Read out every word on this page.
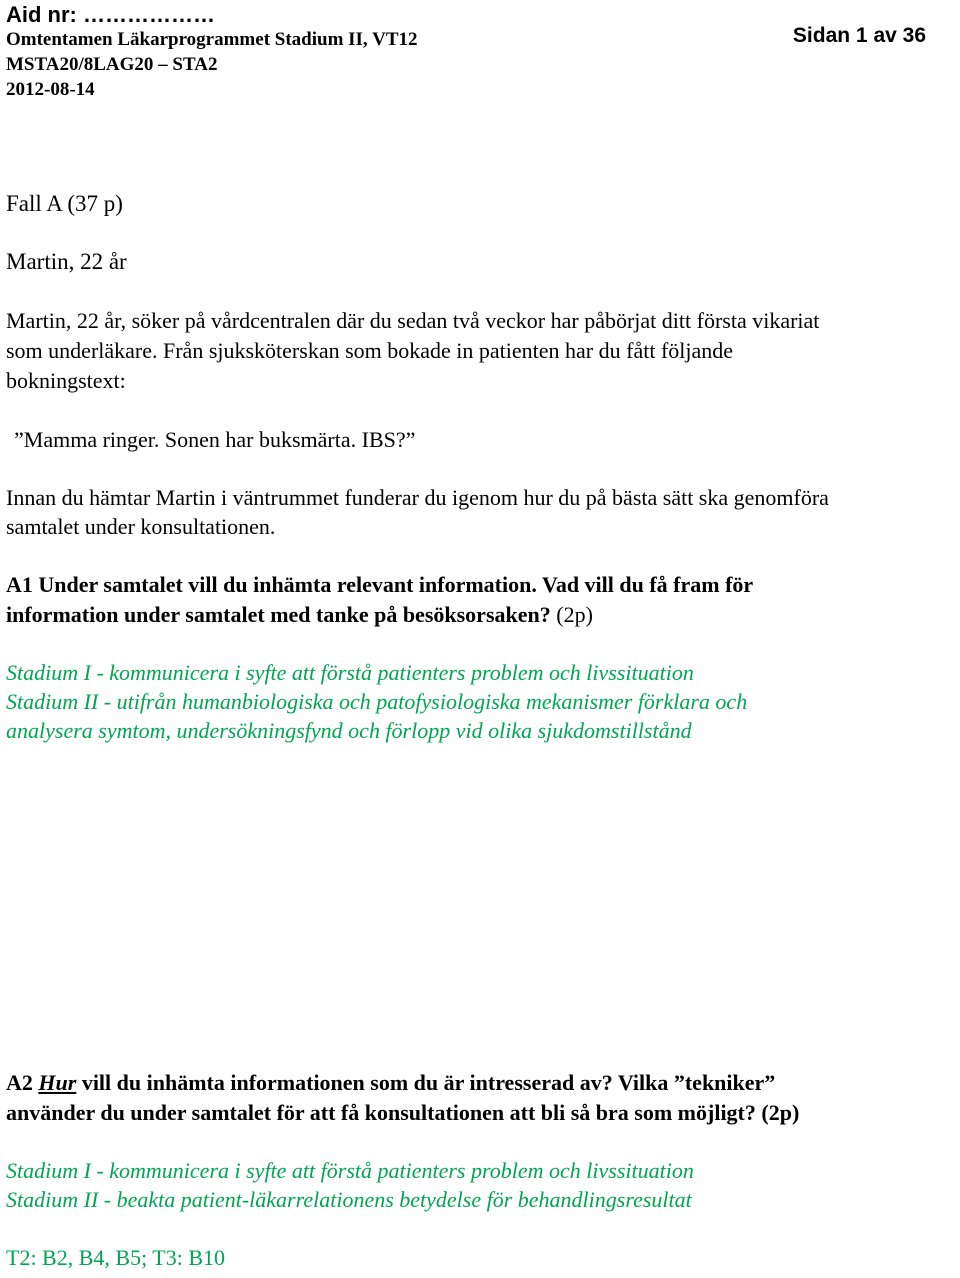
Aid nr: ………………

Sidan 1 av 36

Omtentamen Läkarprogrammet Stadium II, VT12

MSTA20/8LAG20 – STA2

2012-08-14

Fall A (37 p)

Martin, 22 år

Martin, 22 år, söker på vårdcentralen där du sedan två veckor har påbörjat ditt första vikariat

som underläkare. Från sjuksköterskan som bokade in patienten har du fått följande

bokningstext:

”Mamma ringer. Sonen har buksmärta. IBS?”

Innan du hämtar Martin i väntrummet funderar du igenom hur du på bästa sätt ska genomföra

samtalet under konsultationen.

A1 Under samtalet vill du inhämta relevant information. Vad vill du få fram för

information under samtalet med tanke på besöksorsaken? (2p)

Stadium I - kommunicera i syfte att förstå patienters problem och livssituation

Stadium II - utifrån humanbiologiska och patofysiologiska mekanismer förklara och

analysera symtom, undersökningsfynd och förlopp vid olika sjukdomstillstånd

A2 Hur vill du inhämta informationen som du är intresserad av? Vilka ”tekniker”

använder du under samtalet för att få konsultationen att bli så bra som möjligt? (2p)

Stadium I - kommunicera i syfte att förstå patienters problem och livssituation

Stadium II - beakta patient-läkarrelationens betydelse för behandlingsresultat

T2: B2, B4, B5; T3: B10
